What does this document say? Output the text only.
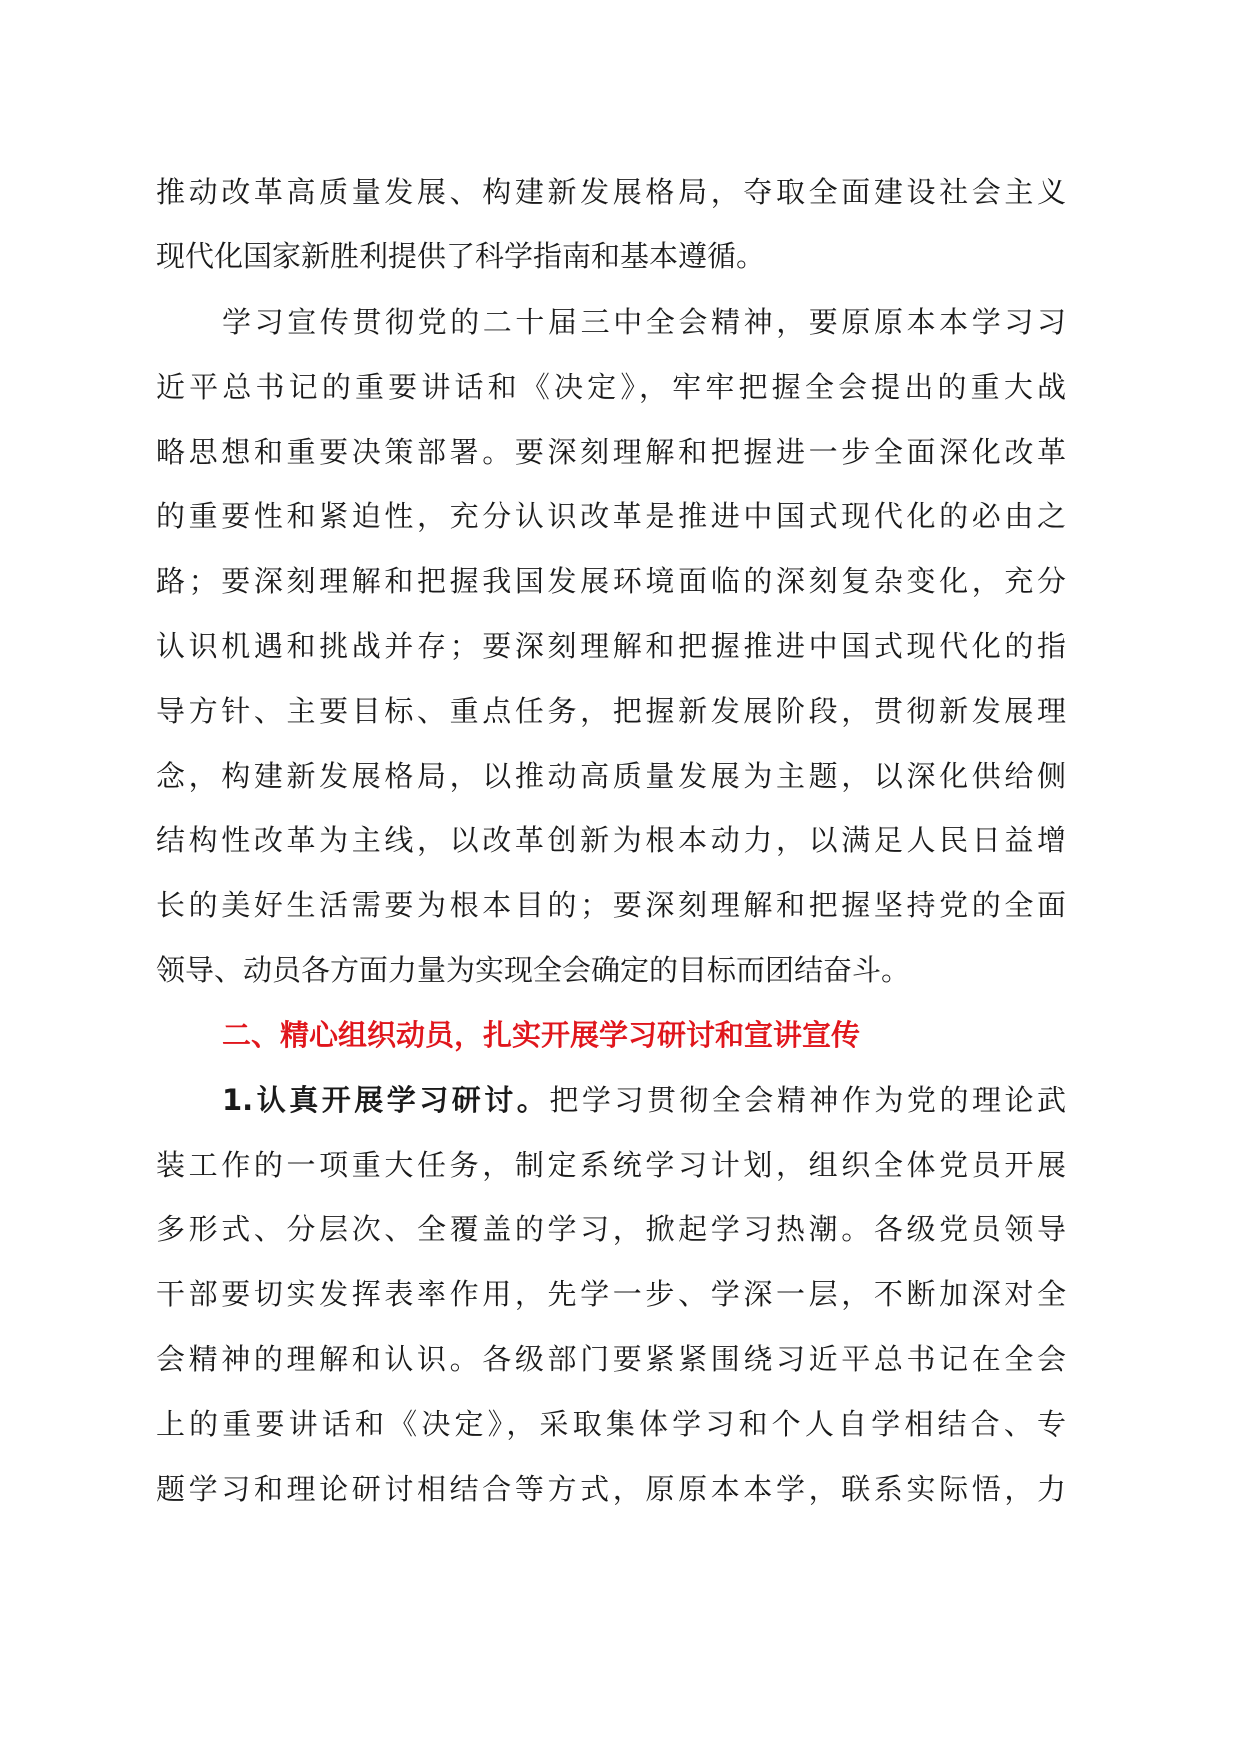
推动改革高质量发展、构建新发展格局，夺取全面建设社会主义
现代化国家新胜利提供了科学指南和基本遵循。
学习宣传贯彻党的二十届三中全会精神，要原原本本学习习
近平总书记的重要讲话和《决定》，牢牢把握全会提出的重大战
略思想和重要决策部署。要深刻理解和把握进一步全面深化改革
的重要性和紧迫性，充分认识改革是推进中国式现代化的必由之
路；要深刻理解和把握我国发展环境面临的深刻复杂变化，充分
认识机遇和挑战并存；要深刻理解和把握推进中国式现代化的指
导方针、主要目标、重点任务，把握新发展阶段，贯彻新发展理
念，构建新发展格局，以推动高质量发展为主题，以深化供给侧
结构性改革为主线，以改革创新为根本动力，以满足人民日益增
长的美好生活需要为根本目的；要深刻理解和把握坚持党的全面
领导、动员各方面力量为实现全会确定的目标而团结奋斗。
二、精心组织动员，扎实开展学习研讨和宣讲宣传
1.认真开展学习研讨。把学习贯彻全会精神作为党的理论武
装工作的一项重大任务，制定系统学习计划，组织全体党员开展
多形式、分层次、全覆盖的学习，掀起学习热潮。各级党员领导
干部要切实发挥表率作用，先学一步、学深一层，不断加深对全
会精神的理解和认识。各级部门要紧紧围绕习近平总书记在全会
上的重要讲话和《决定》，采取集体学习和个人自学相结合、专
题学习和理论研讨相结合等方式，原原本本学，联系实际悟，力
